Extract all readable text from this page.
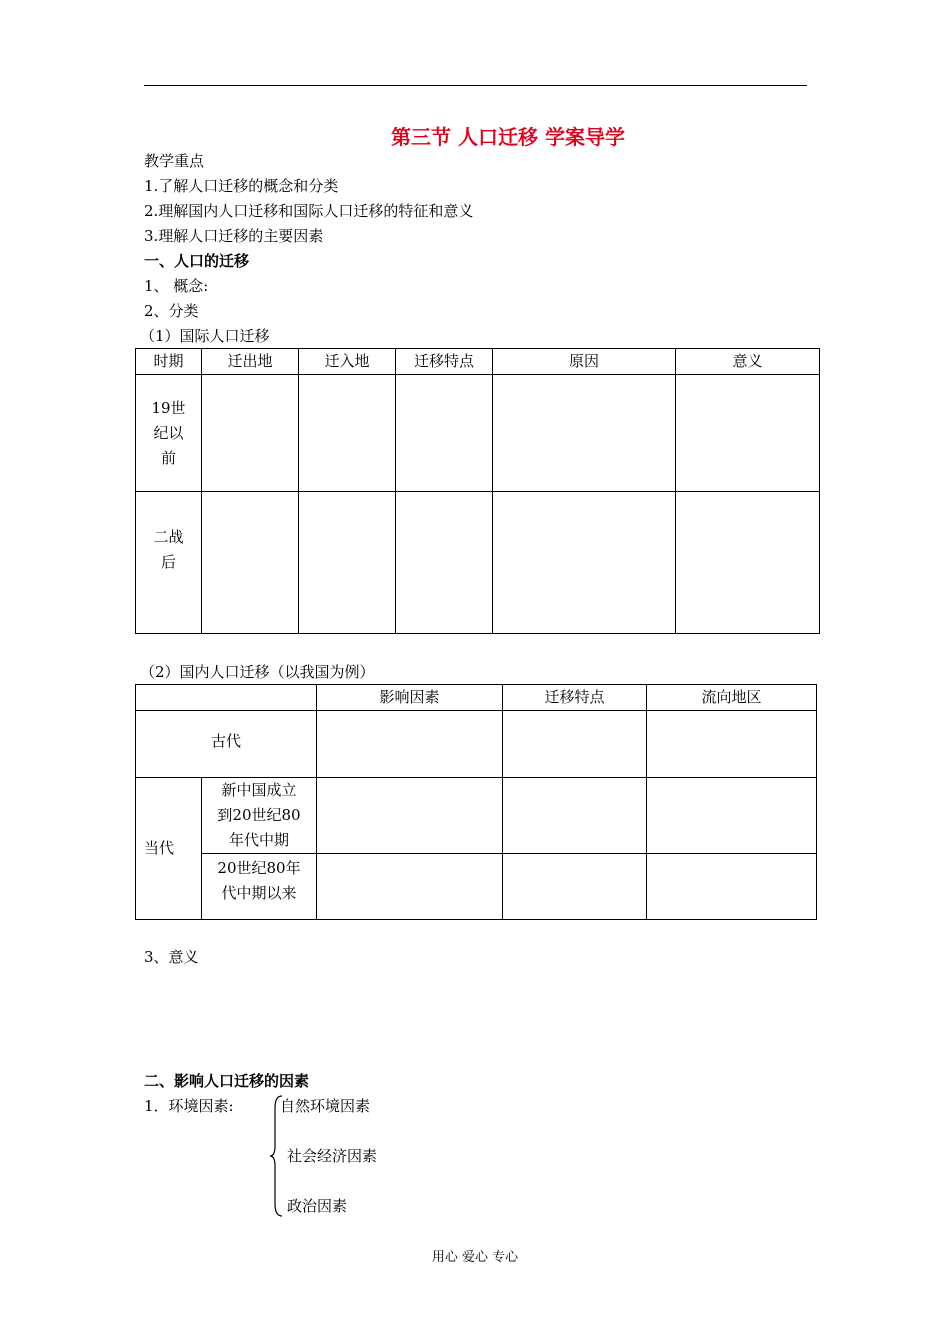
第三节 人口迁移 学案导学
教学重点
1.了解人口迁移的概念和分类
2.理解国内人口迁移和国际人口迁移的特征和意义
3.理解人口迁移的主要因素
一、人口的迁移
1、 概念:
2、分类
（1）国际人口迁移
时期	迁出地	迁入地	迁移特点	原因	意义

19世
纪以
前					

二战
后					

（2）国内人口迁移（以我国为例）
		影响因素	迁移特点	流向地区
古代				
当代	新中国成立
到20世纪80
年代中期			

	20世纪80年
代中期以来			

3、意义
二、影响人口迁移的因素
1．环境因素:	自然环境因素
社会经济因素
政治因素
用心 爱心 专心
